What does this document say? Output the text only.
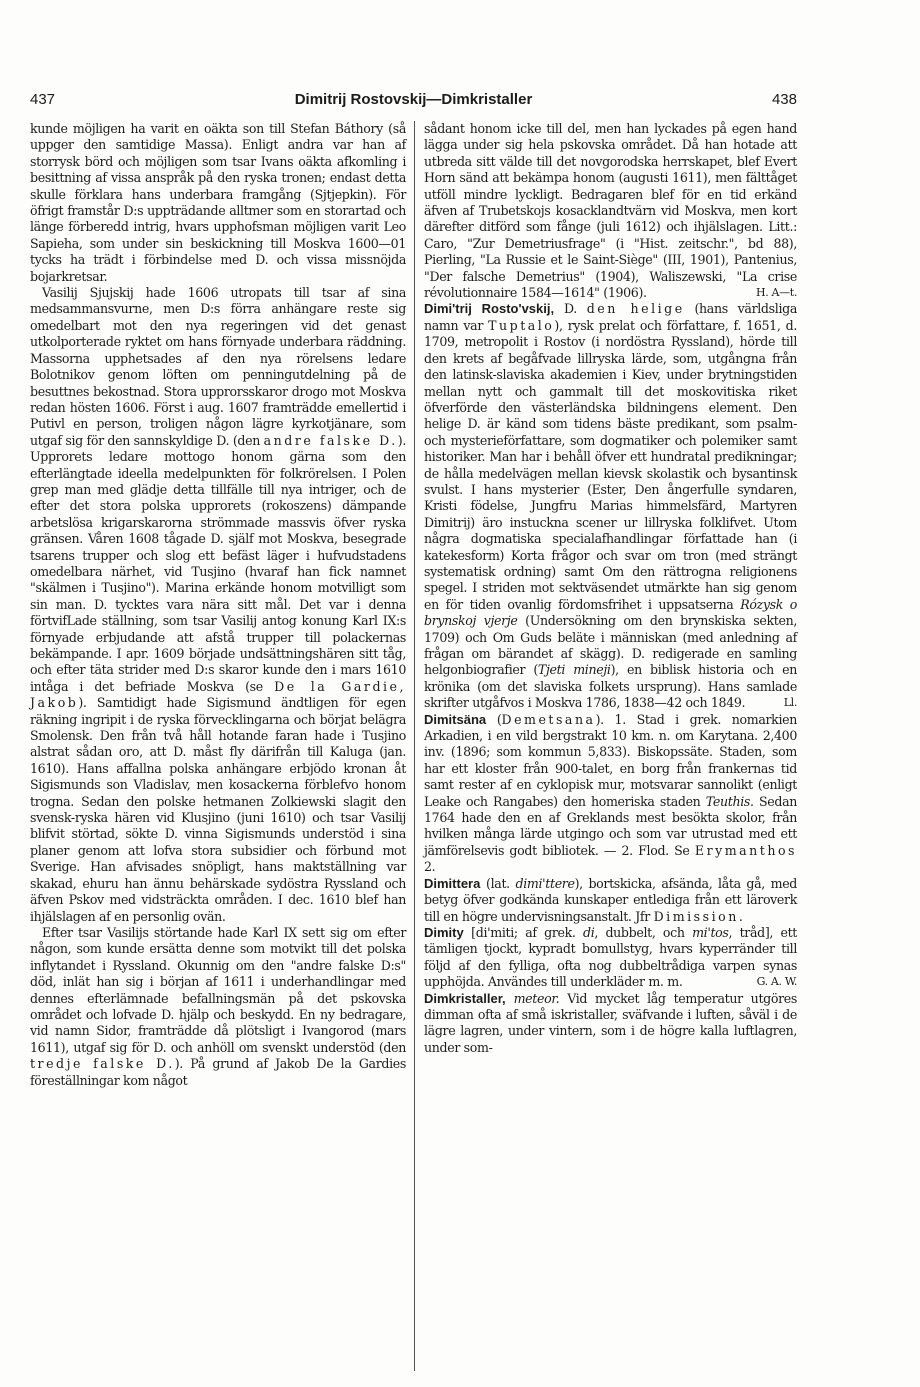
437	Dimitrij Rostovskij—Dimkristaller	438

kunde möjligen ha varit en oäkta son till Stefan Báthory (så uppger den samtidige Massa). Enligt andra var han af storrysk börd och möjligen som tsar Ivans oäkta afkomling i besittning af vissa anspråk på den ryska tronen; endast detta skulle förklara hans underbara framgång (Sjtjepkin). För öfrigt framstår D:s uppträdande alltmer som en storartad och länge förberedd intrig, hvars upphofsman möjligen varit Leo Sapieha, som under sin beskickning till Moskva 1600—01 tycks ha trädt i förbindelse med D. och vissa missnöjda bojarkretsar.

Vasilij Sjujskij hade 1606 utropats till tsar af sina medsammansvurne, men D:s förra anhängare reste sig omedelbart mot den nya regeringen vid det genast utkolporterade ryktet om hans förnyade underbara räddning. Massorna upphetsades af den nya rörelsens ledare Bolotnikov genom löften om penningutdelning på de besuttnes bekostnad. Stora upprorsskaror drogo mot Moskva redan hösten 1606. Först i aug. 1607 framträdde emellertid i Putivl en person, troligen någon lägre kyrkotjänare, som utgaf sig för den sannskyldige D. (den andre falske D.). Upprorets ledare mottogo honom gärna som den efterlängtade ideella medelpunkten för folkrörelsen. I Polen grep man med glädje detta tillfälle till nya intriger, och de efter det stora polska upprorets (rokoszens) dämpande arbetslösa krigarskarorna strömmade massvis öfver ryska gränsen. Våren 1608 tågade D. själf mot Moskva, besegrade tsarens trupper och slog ett befäst läger i hufvudstadens omedelbara närhet, vid Tusjino (hvaraf han fick namnet "skälmen i Tusjino"). Marina erkände honom motvilligt som sin man. D. tycktes vara nära sitt mål. Det var i denna förtvifLade ställning, som tsar Vasilij antog konung Karl IX:s förnyade erbjudande att afstå trupper till polackernas bekämpande. I apr. 1609 började undsättningshären sitt tåg, och efter täta strider med D:s skaror kunde den i mars 1610 intåga i det befriade Moskva (se De la Gardie, Jakob). Samtidigt hade Sigismund ändtligen för egen räkning ingripit i de ryska förvecklingarna och börjat belägra Smolensk. Den från två håll hotande faran hade i Tusjino alstrat sådan oro, att D. måst fly därifrån till Kaluga (jan. 1610). Hans affallna polska anhängare erbjödo kronan åt Sigismunds son Vladislav, men kosackerna förblefvo honom trogna. Sedan den polske hetmanen Zolkiewski slagit den svensk-ryska hären vid Klusjino (juni 1610) och tsar Vasilij blifvit störtad, sökte D. vinna Sigismunds understöd i sina planer genom att lofva stora subsidier och förbund mot Sverige. Han afvisades snöpligt, hans maktställning var skakad, ehuru han ännu behärskade sydöstra Ryssland och äfven Pskov med vidsträckta områden. I dec. 1610 blef han ihjälslagen af en personlig ovän.

Efter tsar Vasilijs störtande hade Karl IX sett sig om efter någon, som kunde ersätta denne som motvikt till det polska inflytandet i Ryssland. Okunnig om den "andre falske D:s" död, inlät han sig i början af 1611 i underhandlingar med dennes efterlämnade befallningsmän på det pskovska området och lofvade D. hjälp och beskydd. En ny bedragare, vid namn Sidor, framträdde då plötsligt i Ivangorod (mars 1611), utgaf sig för D. och anhöll om svenskt understöd (den tredje falske D.). På grund af Jakob De la Gardies föreställningar kom något

sådant honom icke till del, men han lyckades på egen hand lägga under sig hela pskovska området. Då han hotade att utbreda sitt välde till det novgorodska herrskapet, blef Evert Horn sänd att bekämpa honom (augusti 1611), men fälttåget utföll mindre lyckligt. Bedragaren blef för en tid erkänd äfven af Trubetskojs kosacklandtvärn vid Moskva, men kort därefter ditförd som fånge (juli 1612) och ihjälslagen. Litt.: Caro, "Zur Demetriusfrage" (i "Hist. zeitschr.", bd 88), Pierling, "La Russie et le Saint-Siège" (III, 1901), Pantenius, "Der falsche Demetrius" (1904), Waliszewski, "La crise révolutionnaire 1584—1614" (1906).	H. A—t.

Dimi'trij Rosto'vskij, D. den helige (hans världsliga namn var Tuptalo), rysk prelat och författare, f. 1651, d. 1709, metropolit i Rostov (i nordöstra Ryssland), hörde till den krets af begåfvade lillryska lärde, som, utgångna från den latinsk-slaviska akademien i Kiev, under brytningstiden mellan nytt och gammalt till det moskovitiska riket öfverförde den västerländska bildningens element. Den helige D. är känd som tidens bäste predikant, som psalm- och mysterieförfattare, som dogmatiker och polemiker samt historiker. Man har i behåll öfver ett hundratal predikningar; de hålla medelvägen mellan kievsk skolastik och bysantinsk svulst. I hans mysterier (Ester, Den ångerfulle syndaren, Kristi födelse, Jungfru Marias himmelsfärd, Martyren Dimitrij) äro instuckna scener ur lillryska folklifvet. Utom några dogmatiska specialafhandlingar författade han (i katekesform) Korta frågor och svar om tron (med strängt systematisk ordning) samt Om den rättrogna religionens spegel. I striden mot sektväsendet utmärkte han sig genom en för tiden ovanlig fördomsfrihet i uppsatserna Rózysk o brynskoj vjerje (Undersökning om den brynskiska sekten, 1709) och Om Guds beläte i människan (med anledning af frågan om bärandet af skägg). D. redigerade en samling helgonbiografier (Tjeti mineji), en biblisk historia och en krönika (om det slaviska folkets ursprung). Hans samlade skrifter utgåfvos i Moskva 1786, 1838—42 och 1849.	Ll.

Dimitsäna (Demetsana). 1. Stad i grek. nomarkien Arkadien, i en vild bergstrakt 10 km. n. om Karytana. 2,400 inv. (1896; som kommun 5,833). Biskopssäte. Staden, som har ett kloster från 900-talet, en borg från frankernas tid samt rester af en cyklopisk mur, motsvarar sannolikt (enligt Leake och Rangabes) den homeriska staden Teuthis. Sedan 1764 hade den en af Greklands mest besökta skolor, från hvilken många lärde utgingo och som var utrustad med ett jämförelsevis godt bibliotek. — 2. Flod. Se Erymanthos 2.

Dimittera (lat. dimi'ttere), bortskicka, afsända, låta gå, med betyg öfver godkända kunskaper entlediga från ett läroverk till en högre undervisningsanstalt. Jfr Dimission.

Dimity [di'miti; af grek. di, dubbelt, och mi'tos, tråd], ett tämligen tjockt, kypradt bomullstyg, hvars kyperränder till följd af den fylliga, ofta nog dubbeltrådiga varpen synas upphöjda. Användes till underkläder m. m.	G. A. W.

Dimkristaller, meteor. Vid mycket låg temperatur utgöres dimman ofta af små iskristaller, sväfvande i luften, såväl i de lägre lagren, under vintern, som i de högre kalla luftlagren, under som-
